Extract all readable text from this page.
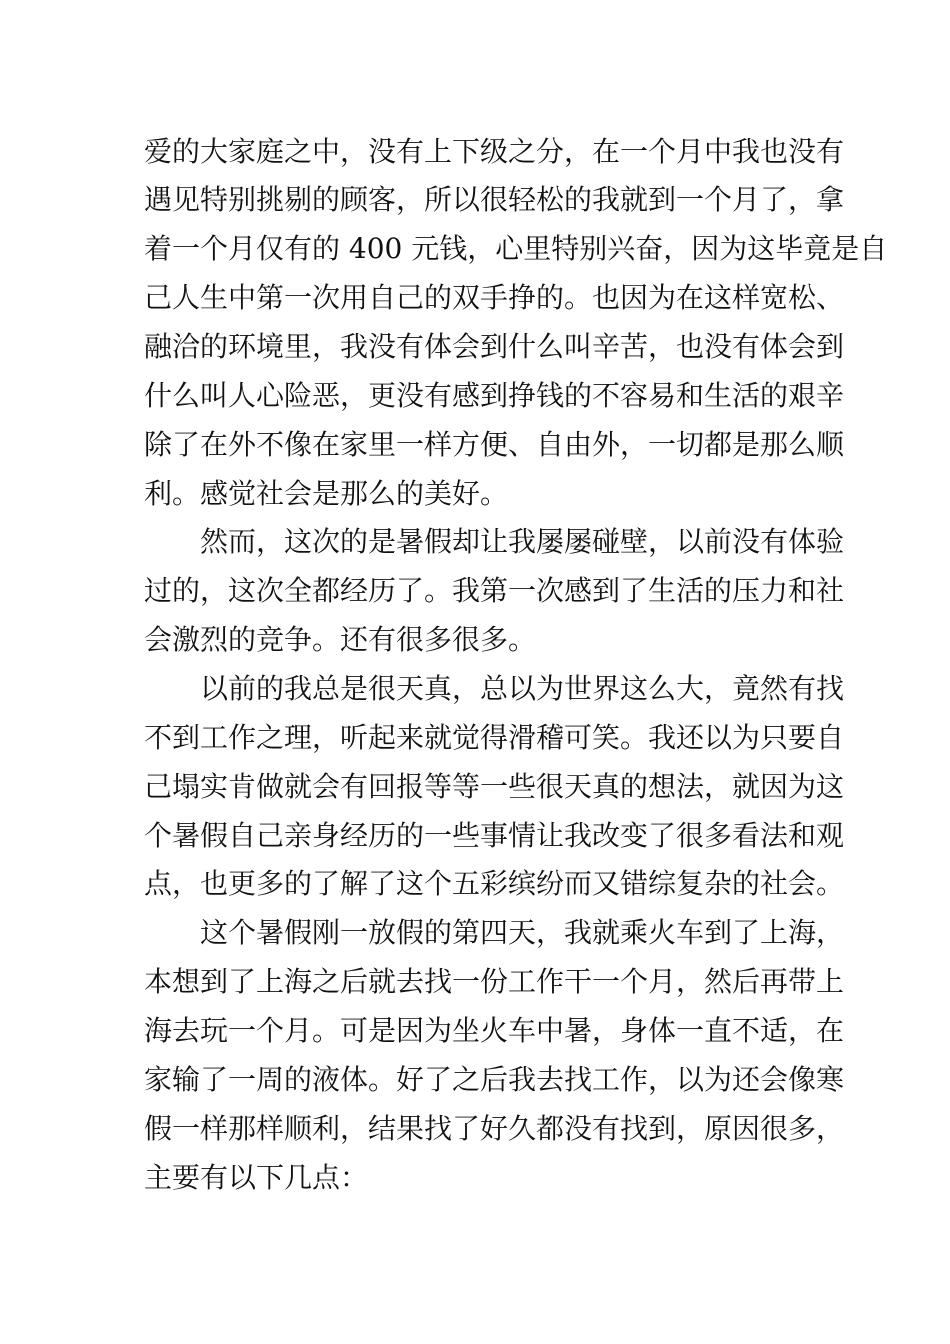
爱的大家庭之中，没有上下级之分，在一个月中我也没有
遇见特别挑剔的顾客，所以很轻松的我就到一个月了，拿
着一个月仅有的 400 元钱，心里特别兴奋，因为这毕竟是自
己人生中第一次用自己的双手挣的。也因为在这样宽松、
融洽的环境里，我没有体会到什么叫辛苦，也没有体会到
什么叫人心险恶，更没有感到挣钱的不容易和生活的艰辛
除了在外不像在家里一样方便、自由外，一切都是那么顺
利。感觉社会是那么的美好。
然而，这次的是暑假却让我屡屡碰壁，以前没有体验
过的，这次全都经历了。我第一次感到了生活的压力和社
会激烈的竞争。还有很多很多。
以前的我总是很天真，总以为世界这么大，竟然有找
不到工作之理，听起来就觉得滑稽可笑。我还以为只要自
己塌实肯做就会有回报等等一些很天真的想法，就因为这
个暑假自己亲身经历的一些事情让我改变了很多看法和观
点，也更多的了解了这个五彩缤纷而又错综复杂的社会。
这个暑假刚一放假的第四天，我就乘火车到了上海，
本想到了上海之后就去找一份工作干一个月，然后再带上
海去玩一个月。可是因为坐火车中暑，身体一直不适，在
家输了一周的液体。好了之后我去找工作，以为还会像寒
假一样那样顺利，结果找了好久都没有找到，原因很多，
主要有以下几点：
